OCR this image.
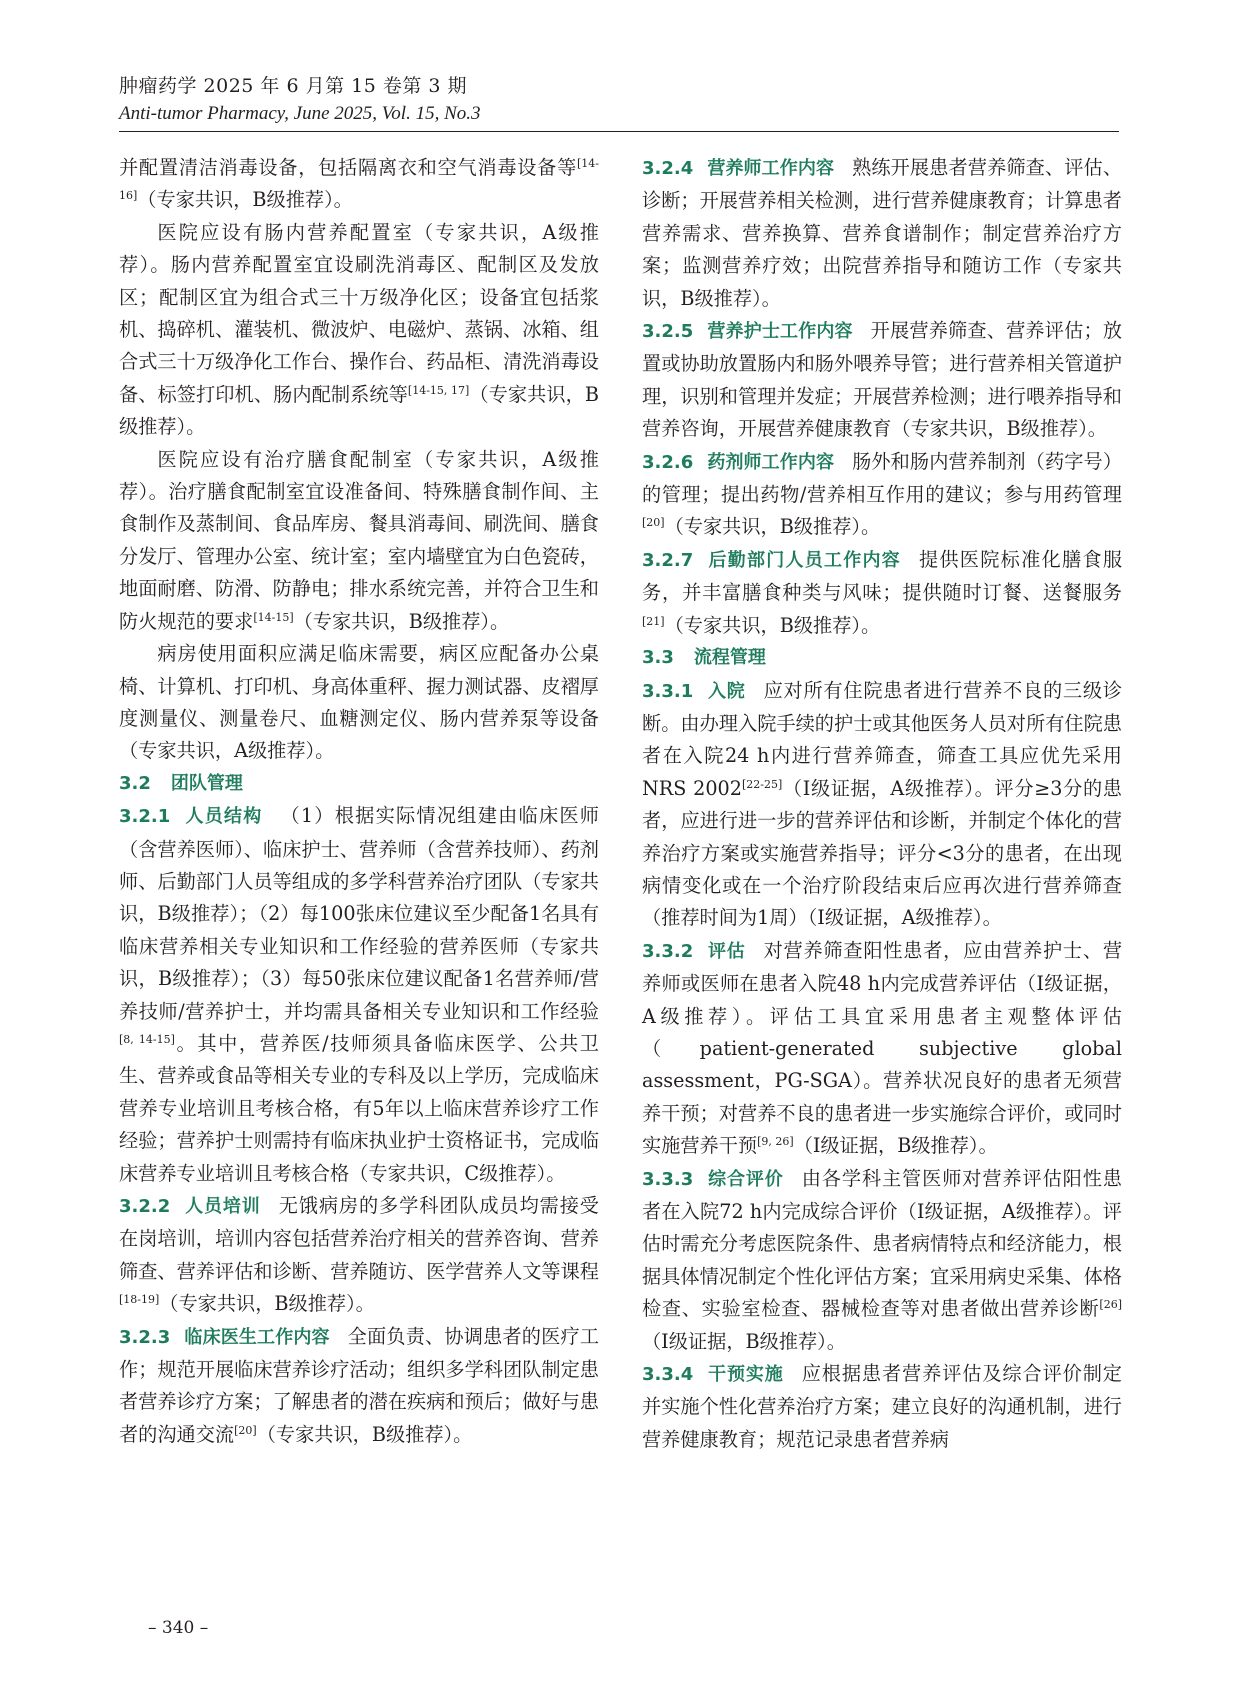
肿瘤药学 2025 年 6 月第 15 卷第 3 期
Anti-tumor Pharmacy, June 2025, Vol. 15, No.3

并配置清洁消毒设备，包括隔离衣和空气消毒设备等[14-16]（专家共识，B级推荐）。

医院应设有肠内营养配置室（专家共识，A级推荐）。肠内营养配置室宜设刷洗消毒区、配制区及发放区；配制区宜为组合式三十万级净化区；设备宜包括浆机、捣碎机、灌装机、微波炉、电磁炉、蒸锅、冰箱、组合式三十万级净化工作台、操作台、药品柜、清洗消毒设备、标签打印机、肠内配制系统等[14-15, 17]（专家共识，B级推荐）。

医院应设有治疗膳食配制室（专家共识，A级推荐）。治疗膳食配制室宜设准备间、特殊膳食制作间、主食制作及蒸制间、食品库房、餐具消毒间、刷洗间、膳食分发厅、管理办公室、统计室；室内墙壁宜为白色瓷砖，地面耐磨、防滑、防静电；排水系统完善，并符合卫生和防火规范的要求[14-15]（专家共识，B级推荐）。

病房使用面积应满足临床需要，病区应配备办公桌椅、计算机、打印机、身高体重秤、握力测试器、皮褶厚度测量仪、测量卷尺、血糖测定仪、肠内营养泵等设备（专家共识，A级推荐）。

3.2 团队管理

3.2.1 人员结构 （1）根据实际情况组建由临床医师（含营养医师）、临床护士、营养师（含营养技师）、药剂师、后勤部门人员等组成的多学科营养治疗团队（专家共识，B级推荐）；（2）每100张床位建议至少配备1名具有临床营养相关专业知识和工作经验的营养医师（专家共识，B级推荐）；（3）每50张床位建议配备1名营养师/营养技师/营养护士，并均需具备相关专业知识和工作经验[8, 14-15]。其中，营养医/技师须具备临床医学、公共卫生、营养或食品等相关专业的专科及以上学历，完成临床营养专业培训且考核合格，有5年以上临床营养诊疗工作经验；营养护士则需持有临床执业护士资格证书，完成临床营养专业培训且考核合格（专家共识，C级推荐）。

3.2.2 人员培训 无饿病房的多学科团队成员均需接受在岗培训，培训内容包括营养治疗相关的营养咨询、营养筛查、营养评估和诊断、营养随访、医学营养人文等课程[18-19]（专家共识，B级推荐）。

3.2.3 临床医生工作内容 全面负责、协调患者的医疗工作；规范开展临床营养诊疗活动；组织多学科团队制定患者营养诊疗方案；了解患者的潜在疾病和预后；做好与患者的沟通交流[20]（专家共识，B级推荐）。

3.2.4 营养师工作内容 熟练开展患者营养筛查、评估、诊断；开展营养相关检测，进行营养健康教育；计算患者营养需求、营养换算、营养食谱制作；制定营养治疗方案；监测营养疗效；出院营养指导和随访工作（专家共识，B级推荐）。

3.2.5 营养护士工作内容 开展营养筛查、营养评估；放置或协助放置肠内和肠外喂养导管；进行营养相关管道护理，识别和管理并发症；开展营养检测；进行喂养指导和营养咨询，开展营养健康教育（专家共识，B级推荐）。

3.2.6 药剂师工作内容 肠外和肠内营养制剂（药字号）的管理；提出药物/营养相互作用的建议；参与用药管理[20]（专家共识，B级推荐）。

3.2.7 后勤部门人员工作内容 提供医院标准化膳食服务，并丰富膳食种类与风味；提供随时订餐、送餐服务[21]（专家共识，B级推荐）。

3.3 流程管理

3.3.1 入院 应对所有住院患者进行营养不良的三级诊断。由办理入院手续的护士或其他医务人员对所有住院患者在入院24 h内进行营养筛查，筛查工具应优先采用NRS 2002[22-25]（Ⅰ级证据，A级推荐）。评分≥3分的患者，应进行进一步的营养评估和诊断，并制定个体化的营养治疗方案或实施营养指导；评分<3分的患者，在出现病情变化或在一个治疗阶段结束后应再次进行营养筛查（推荐时间为1周）（Ⅰ级证据，A级推荐）。

3.3.2 评估 对营养筛查阳性患者，应由营养护士、营养师或医师在患者入院48 h内完成营养评估（Ⅰ级证据，A级推荐）。评估工具宜采用患者主观整体评估（patient-generated subjective global assessment，PG-SGA）。营养状况良好的患者无须营养干预；对营养不良的患者进一步实施综合评价，或同时实施营养干预[9, 26]（Ⅰ级证据，B级推荐）。

3.3.3 综合评价 由各学科主管医师对营养评估阳性患者在入院72 h内完成综合评价（Ⅰ级证据，A级推荐）。评估时需充分考虑医院条件、患者病情特点和经济能力，根据具体情况制定个性化评估方案；宜采用病史采集、体格检查、实验室检查、器械检查等对患者做出营养诊断[26]（Ⅰ级证据，B级推荐）。

3.3.4 干预实施 应根据患者营养评估及综合评价制定并实施个性化营养治疗方案；建立良好的沟通机制，进行营养健康教育；规范记录患者营养病

– 340 –
